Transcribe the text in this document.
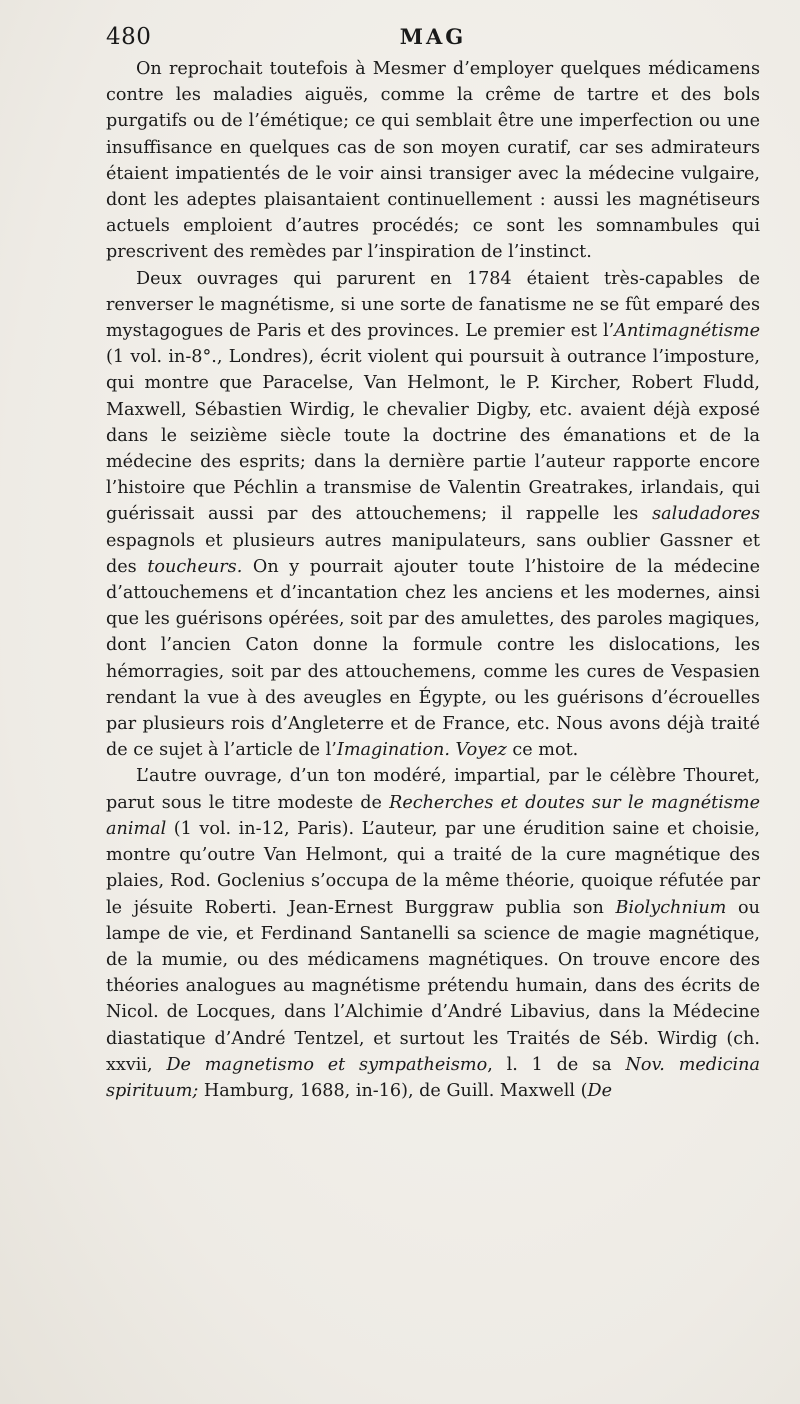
480	MAG

On reprochait toutefois à Mesmer d’employer quelques médicamens contre les maladies aiguës, comme la crême de tartre et des bols purgatifs ou de l’émétique; ce qui semblait être une imperfection ou une insuffisance en quelques cas de son moyen curatif, car ses admirateurs étaient impatientés de le voir ainsi transiger avec la médecine vulgaire, dont les adeptes plaisantaient continuellement : aussi les magnétiseurs actuels emploient d’autres procédés; ce sont les somnambules qui prescrivent des remèdes par l’inspiration de l’instinct.

Deux ouvrages qui parurent en 1784 étaient très-capables de renverser le magnétisme, si une sorte de fanatisme ne se fût emparé des mystagogues de Paris et des provinces. Le premier est l’Antimagnétisme (1 vol. in-8°., Londres), écrit violent qui poursuit à outrance l’imposture, qui montre que Paracelse, Van Helmont, le P. Kircher, Robert Fludd, Maxwell, Sébastien Wirdig, le chevalier Digby, etc. avaient déjà exposé dans le seizième siècle toute la doctrine des émanations et de la médecine des esprits; dans la dernière partie l’auteur rapporte encore l’histoire que Péchlin a transmise de Valentin Greatrakes, irlandais, qui guérissait aussi par des attouchemens; il rappelle les saludadores espagnols et plusieurs autres manipulateurs, sans oublier Gassner et des toucheurs. On y pourrait ajouter toute l’histoire de la médecine d’attouchemens et d’incantation chez les anciens et les modernes, ainsi que les guérisons opérées, soit par des amulettes, des paroles magiques, dont l’ancien Caton donne la formule contre les dislocations, les hémorragies, soit par des attouchemens, comme les cures de Vespasien rendant la vue à des aveugles en Égypte, ou les guérisons d’écrouelles par plusieurs rois d’Angleterre et de France, etc. Nous avons déjà traité de ce sujet à l’article de l’Imagination. Voyez ce mot.

L’autre ouvrage, d’un ton modéré, impartial, par le célèbre Thouret, parut sous le titre modeste de Recherches et doutes sur le magnétisme animal (1 vol. in-12, Paris). L’auteur, par une érudition saine et choisie, montre qu’outre Van Helmont, qui a traité de la cure magnétique des plaies, Rod. Goclenius s’occupa de la même théorie, quoique réfutée par le jésuite Roberti. Jean-Ernest Burggraw publia son Biolychnium ou lampe de vie, et Ferdinand Santanelli sa science de magie magnétique, de la mumie, ou des médicamens magnétiques. On trouve encore des théories analogues au magnétisme prétendu humain, dans des écrits de Nicol. de Locques, dans l’Alchimie d’André Libavius, dans la Médecine diastatique d’André Tentzel, et surtout les Traités de Séb. Wirdig (ch. xxvii, De magnetismo et sympatheismo, l. 1 de sa Nov. medicina spirituum; Hamburg, 1688, in-16), de Guill. Maxwell (De
